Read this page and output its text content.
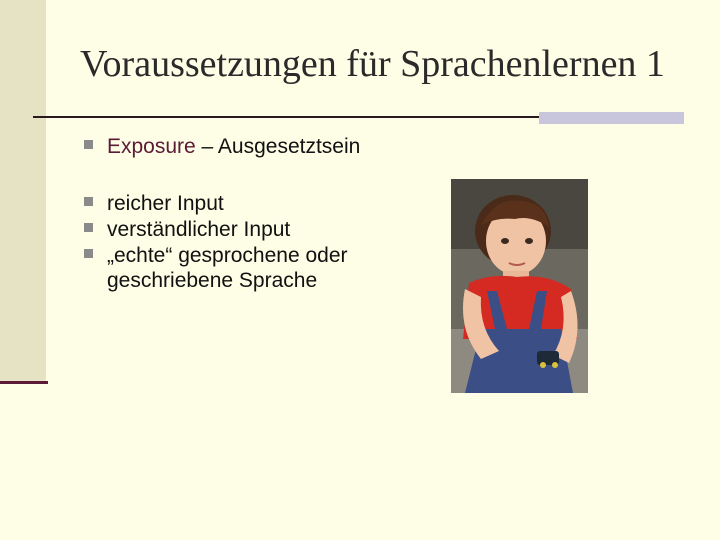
Voraussetzungen für Sprachenlernen 1
Exposure – Ausgesetztsein
reicher Input
verständlicher Input
„echte“ gesprochene oder geschriebene Sprache
